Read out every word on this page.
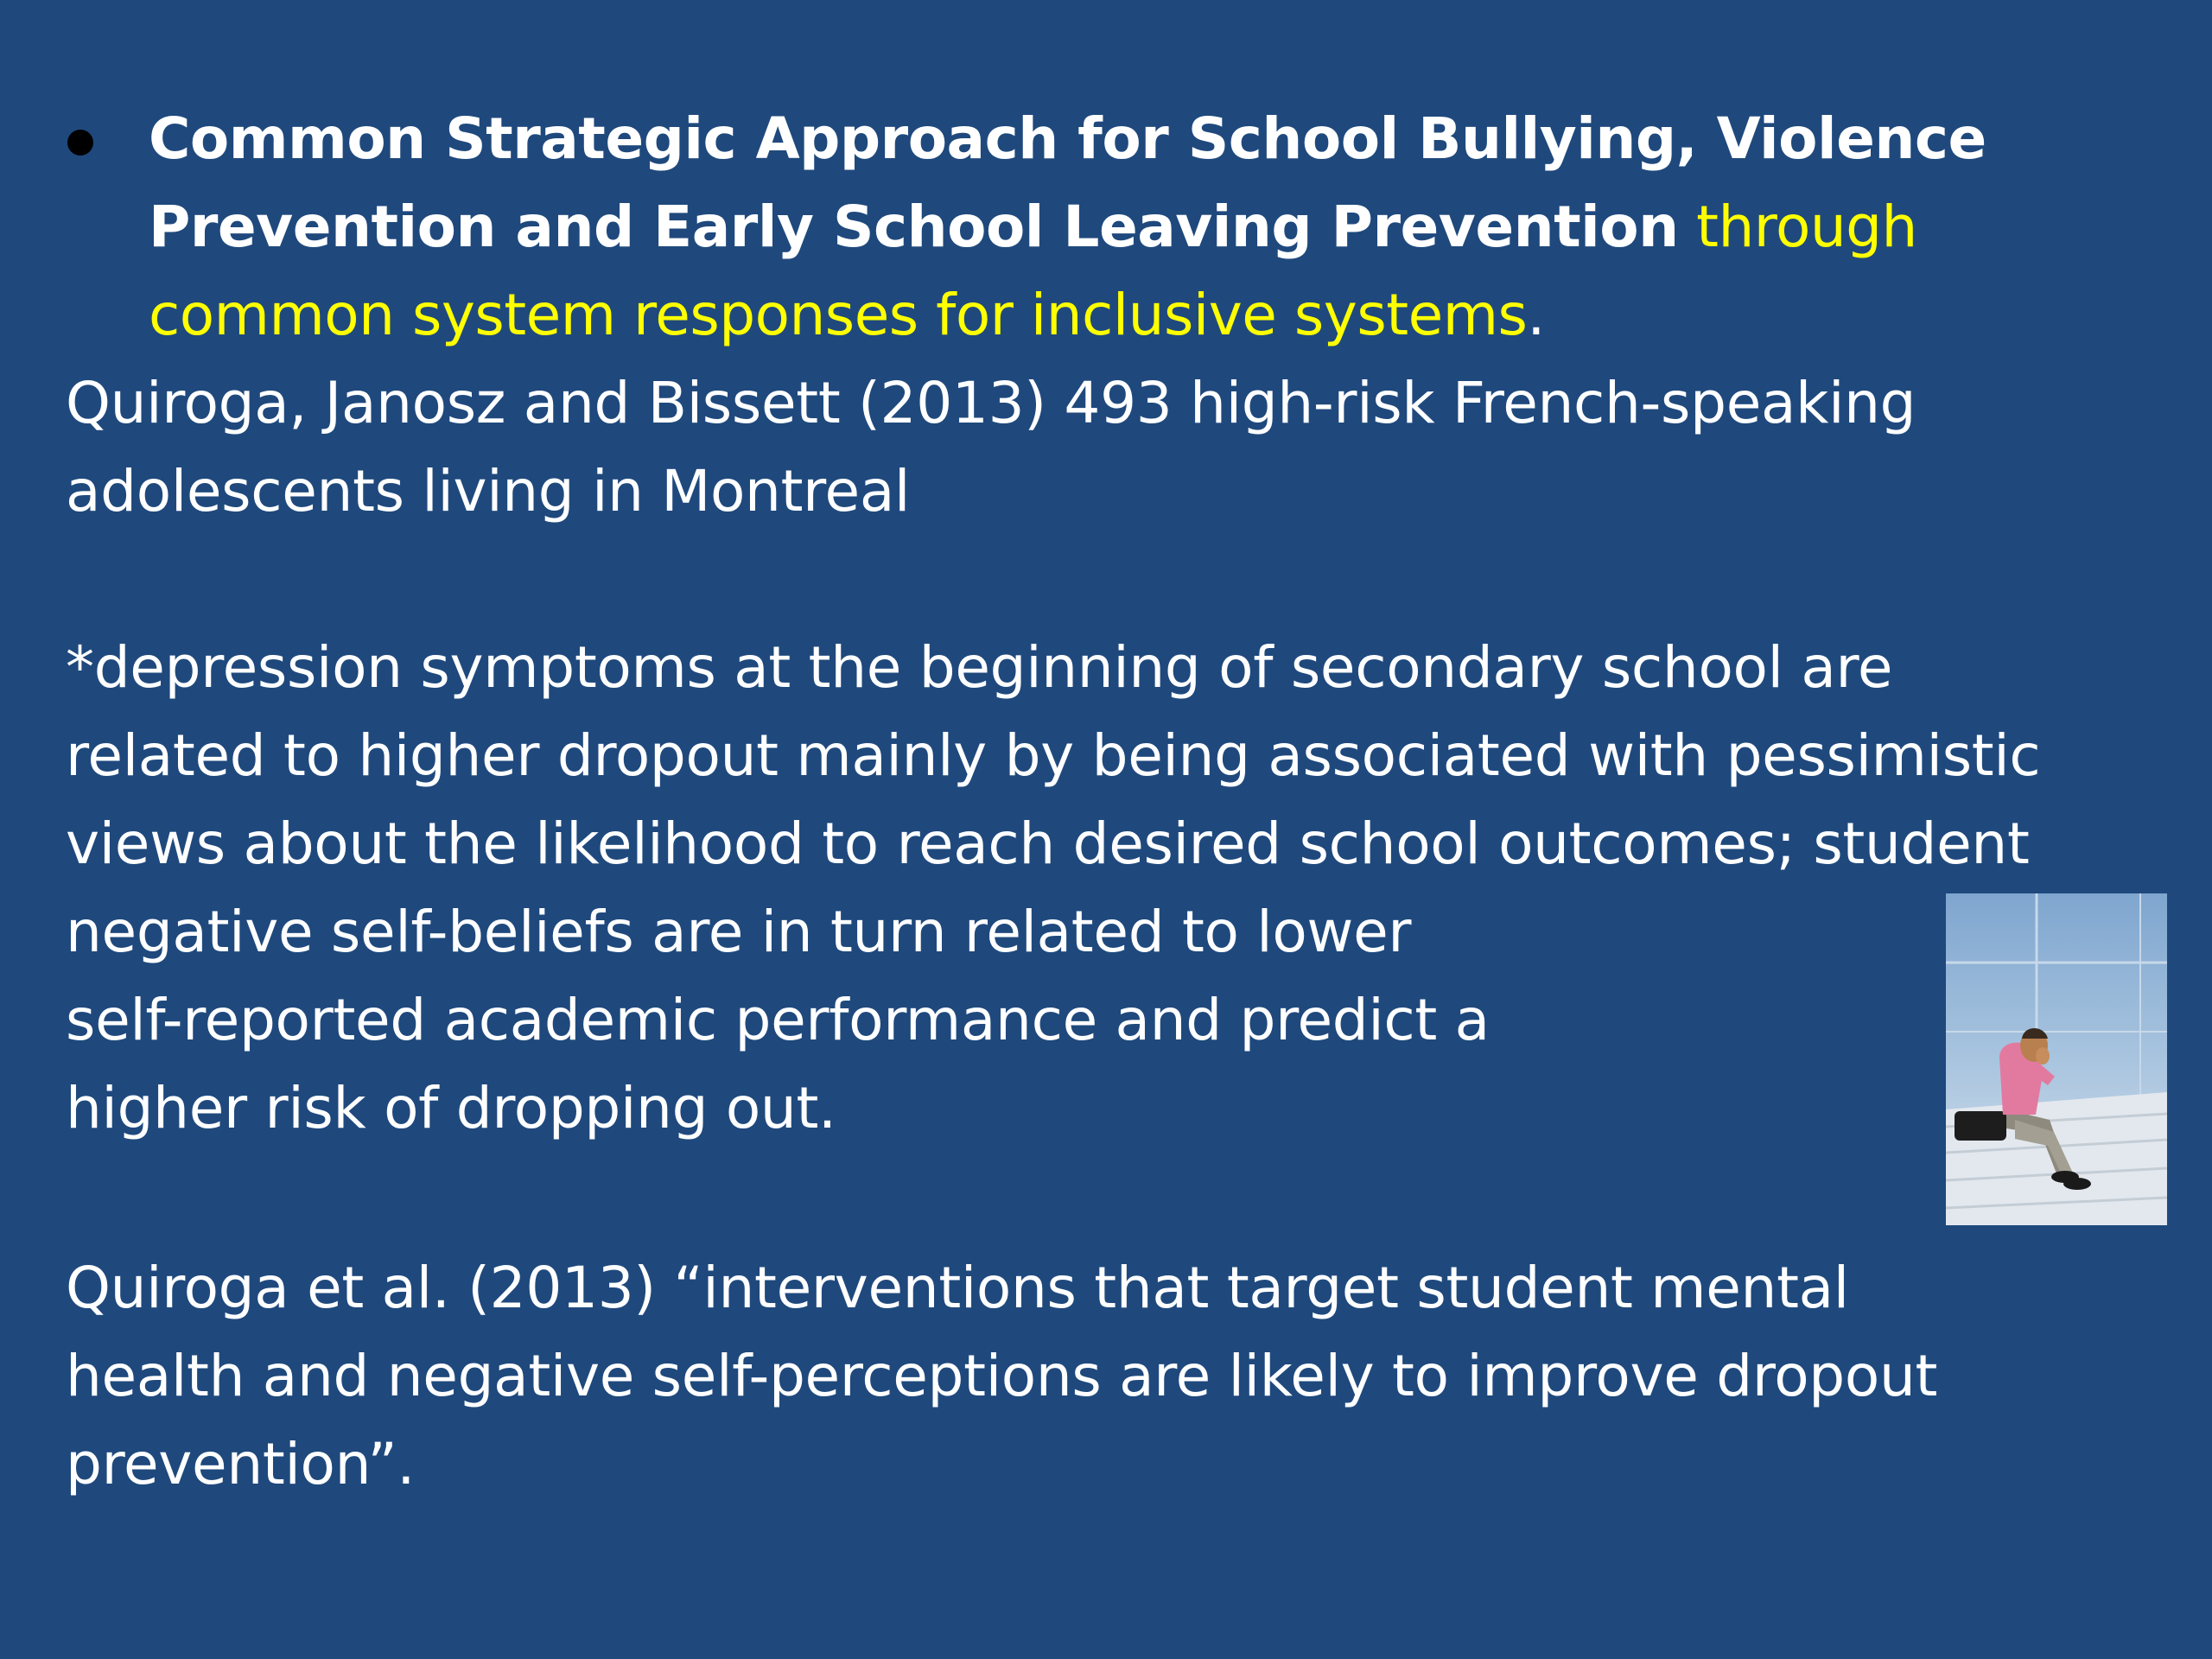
Common Strategic Approach for School Bullying, Violence Prevention and Early School Leaving Prevention through common system responses for inclusive systems.
Quiroga, Janosz and Bissett (2013) 493 high-risk French-speaking
adolescents living in Montreal
*depression symptoms at the beginning of secondary school are
related to higher dropout mainly by being associated with pessimistic
views about the likelihood to reach desired school outcomes; student
negative self-beliefs are in turn related to lower
self-reported academic performance and predict a
higher risk of dropping out.
Quiroga et al. (2013) “interventions that target student mental
health and negative self-perceptions are likely to improve dropout
prevention”.
